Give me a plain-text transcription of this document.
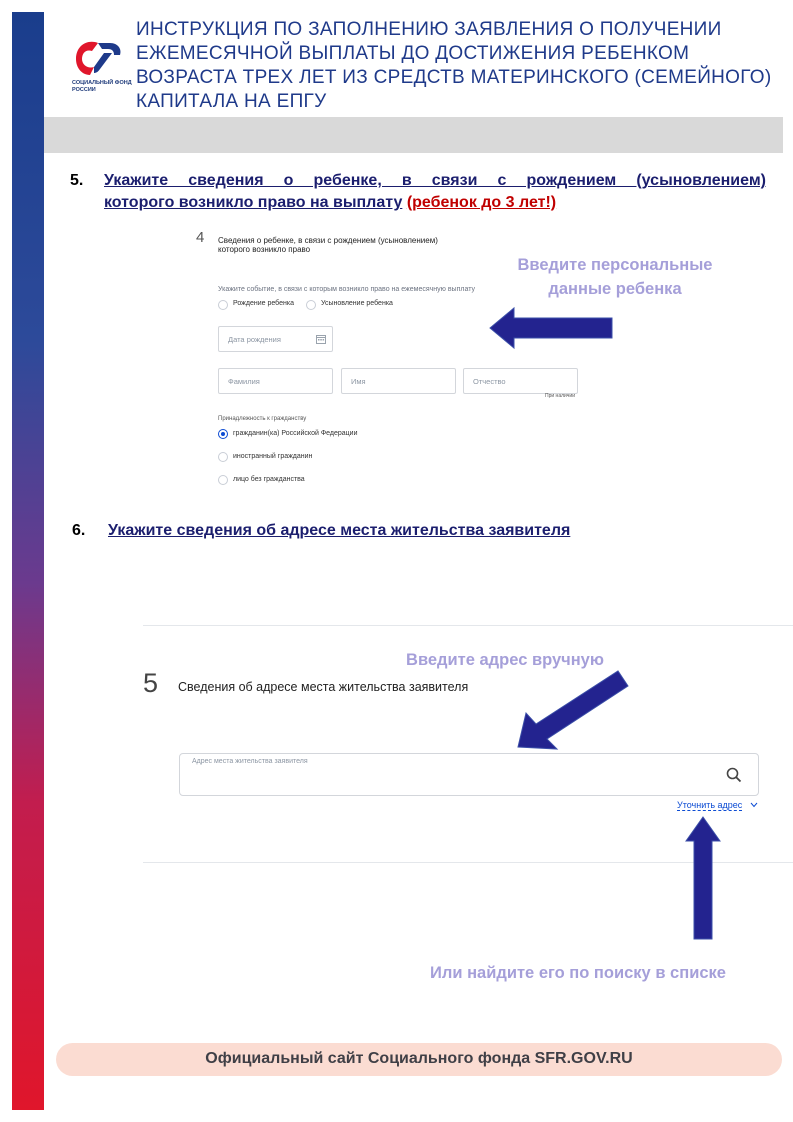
СОЦИАЛЬНЫЙ ФОНД РОССИИ
ИНСТРУКЦИЯ ПО ЗАПОЛНЕНИЮ ЗАЯВЛЕНИЯ О ПОЛУЧЕНИИ ЕЖЕМЕСЯЧНОЙ ВЫПЛАТЫ ДО ДОСТИЖЕНИЯ РЕБЕНКОМ ВОЗРАСТА ТРЕХ ЛЕТ ИЗ СРЕДСТВ МАТЕРИНСКОГО (СЕМЕЙНОГО) КАПИТАЛА НА ЕПГУ
5. Укажите сведения о ребенке, в связи с рождением (усыновлением)
которого возникло право на выплату (ребенок до 3 лет!)
4 Сведения о ребенке, в связи с рождением (усыновлением)
которого возникло право
Укажите событие, в связи с которым возникло право на ежемесячную выплату
Рождение ребенка	Усыновление ребенка
Дата рождения
Фамилия	Имя	Отчество
При наличии
Принадлежность к гражданству
гражданин(ка) Российской Федерации
иностранный гражданин
лицо без гражданства
Введите персональные
данные ребенка
6. Укажите сведения об адресе места жительства заявителя
5 Сведения об адресе места жительства заявителя
Адрес места жительства заявителя
Уточнить адрес
Введите адрес вручную
Или найдите его по поиску в списке
Официальный сайт Социального фонда SFR.GOV.RU
